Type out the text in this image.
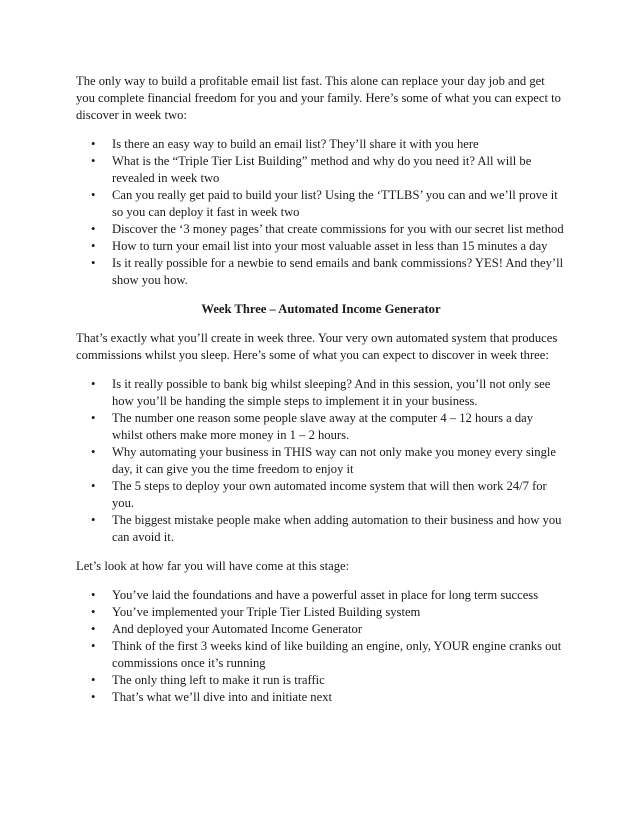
The only way to build a profitable email list fast. This alone can replace your day job and get you complete financial freedom for you and your family. Here’s some of what you can expect to discover in week two:

• Is there an easy way to build an email list? They’ll share it with you here
• What is the “Triple Tier List Building” method and why do you need it? All will be revealed in week two
• Can you really get paid to build your list? Using the ‘TTLBS’ you can and we’ll prove it so you can deploy it fast in week two
• Discover the ‘3 money pages’ that create commissions for you with our secret list method
• How to turn your email list into your most valuable asset in less than 15 minutes a day
• Is it really possible for a newbie to send emails and bank commissions? YES! And they’ll show you how.

Week Three – Automated Income Generator

That’s exactly what you’ll create in week three. Your very own automated system that produces commissions whilst you sleep. Here’s some of what you can expect to discover in week three:

• Is it really possible to bank big whilst sleeping? And in this session, you’ll not only see how you’ll be handing the simple steps to implement it in your business.
• The number one reason some people slave away at the computer 4 – 12 hours a day whilst others make more money in 1 – 2 hours.
• Why automating your business in THIS way can not only make you money every single day, it can give you the time freedom to enjoy it
• The 5 steps to deploy your own automated income system that will then work 24/7 for you.
• The biggest mistake people make when adding automation to their business and how you can avoid it.

Let’s look at how far you will have come at this stage:

• You’ve laid the foundations and have a powerful asset in place for long term success
• You’ve implemented your Triple Tier Listed Building system
• And deployed your Automated Income Generator
• Think of the first 3 weeks kind of like building an engine, only, YOUR engine cranks out commissions once it’s running
• The only thing left to make it run is traffic
• That’s what we’ll dive into and initiate next
